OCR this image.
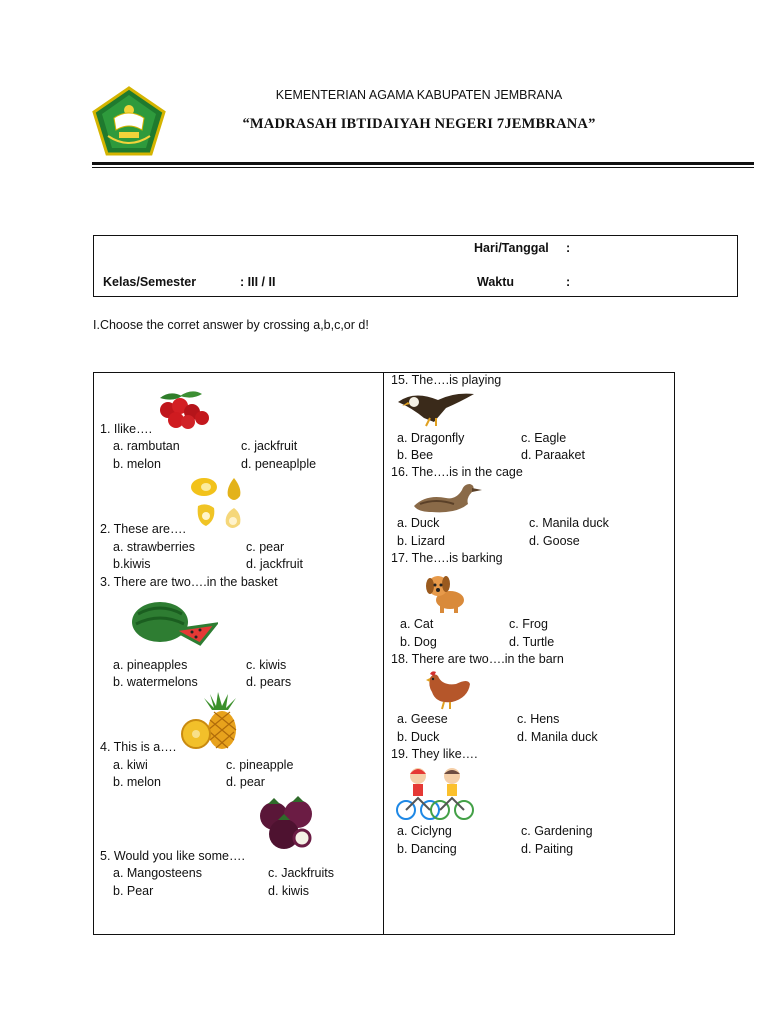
KEMENTERIAN AGAMA KABUPATEN JEMBRANA
“MADRASAH IBTIDAIYAH NEGERI 7JEMBRANA”
Hari/Tanggal :
Kelas/Semester	: III / II	Waktu	:
I.Choose the corret answer by crossing a,b,c,or d!
1. Ilike….
a. rambutan	c. jackfruit
b. melon	d. peneaplple
2. These are….
a. strawberries	c. pear
b.kiwis	d. jackfruit
3. There are two….in the basket
a. pineapples	c. kiwis
b. watermelons	d. pears
4. This is a….
a. kiwi	c. pineapple
b. melon	d. pear
5. Would you like some….
a. Mangosteens	c. Jackfruits
b. Pear	d. kiwis
15. The….is playing
a. Dragonfly	c. Eagle
b. Bee	d. Paraaket
16. The….is in the cage
a. Duck	c. Manila duck
b. Lizard	d. Goose
17. The….is barking
a. Cat	c. Frog
b. Dog	d. Turtle
18. There are two….in the barn
a. Geese	c. Hens
b. Duck	d. Manila duck
19. They like….
a. Ciclyng	c. Gardening
b. Dancing	d. Paiting
